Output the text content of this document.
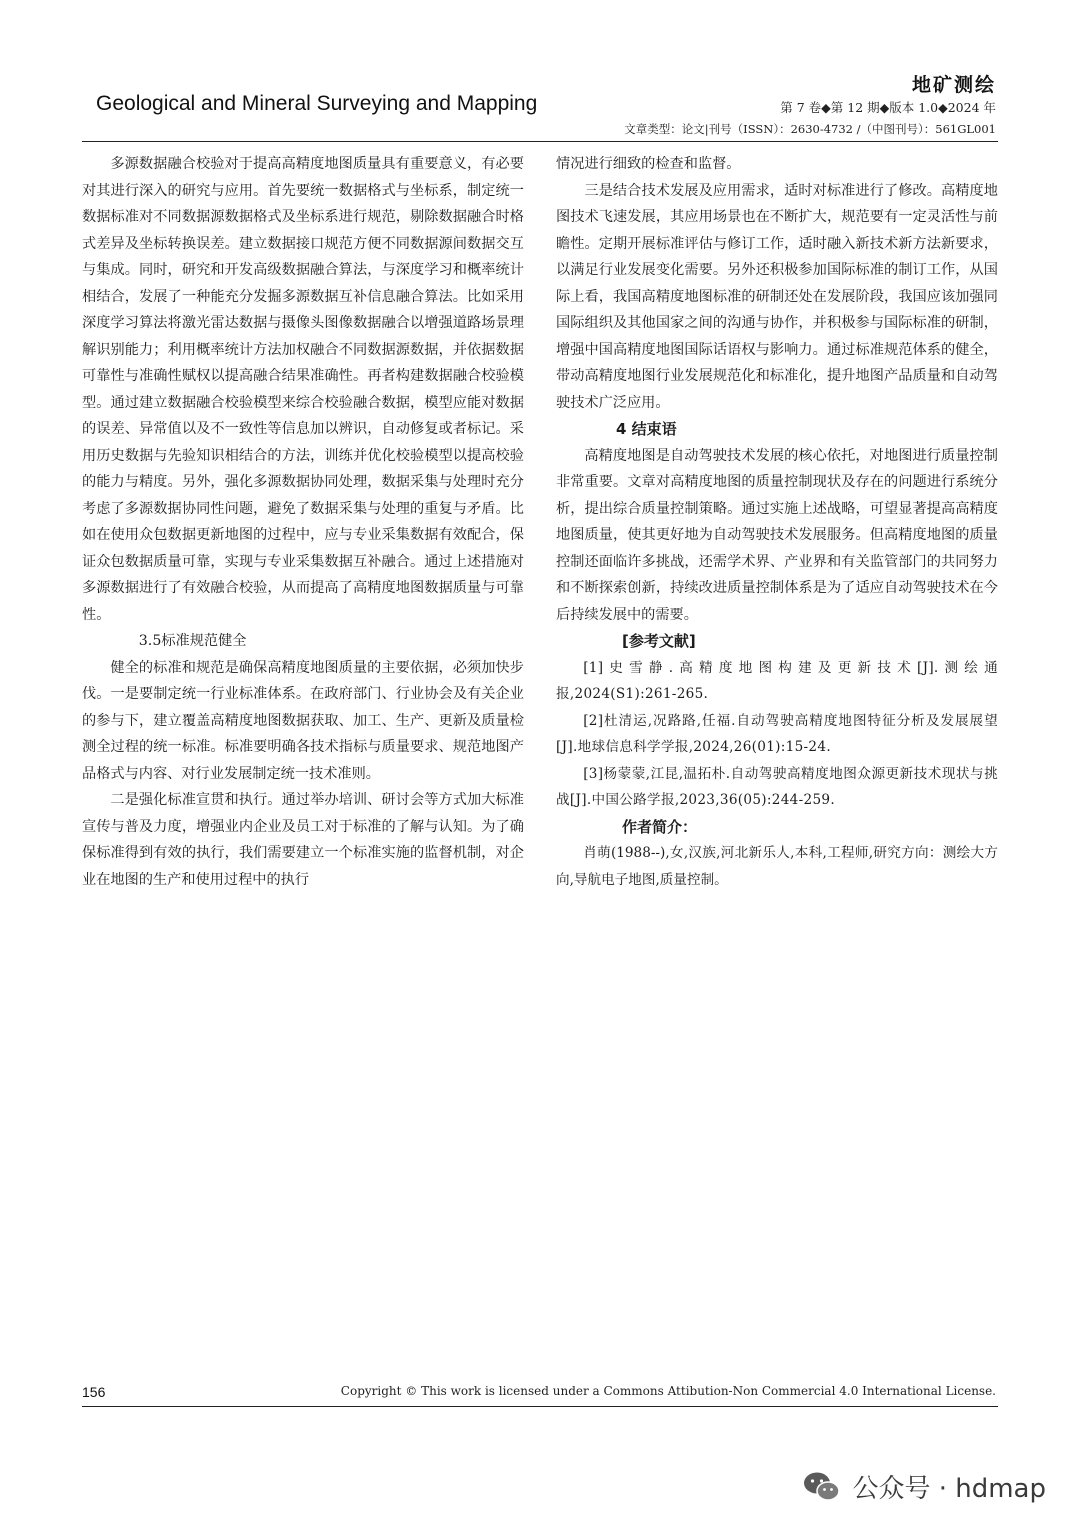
地矿测绘
Geological and Mineral Surveying and Mapping	第 7 卷◆第 12 期◆版本 1.0◆2024 年
文章类型：论文|刊号（ISSN）：2630-4732 /（中图刊号）：561GL001

多源数据融合校验对于提高高精度地图质量具有重要意义，有必要对其进行深入的研究与应用。首先要统一数据格式与坐标系，制定统一数据标准对不同数据源数据格式及坐标系进行规范，剔除数据融合时格式差异及坐标转换误差。建立数据接口规范方便不同数据源间数据交互与集成。同时，研究和开发高级数据融合算法，与深度学习和概率统计相结合，发展了一种能充分发掘多源数据互补信息融合算法。比如采用深度学习算法将激光雷达数据与摄像头图像数据融合以增强道路场景理解识别能力；利用概率统计方法加权融合不同数据源数据，并依据数据可靠性与准确性赋权以提高融合结果准确性。再者构建数据融合校验模型。通过建立数据融合校验模型来综合校验融合数据，模型应能对数据的误差、异常值以及不一致性等信息加以辨识，自动修复或者标记。采用历史数据与先验知识相结合的方法，训练并优化校验模型以提高校验的能力与精度。另外，强化多源数据协同处理，数据采集与处理时充分考虑了多源数据协同性问题，避免了数据采集与处理的重复与矛盾。比如在使用众包数据更新地图的过程中，应与专业采集数据有效配合，保证众包数据质量可靠，实现与专业采集数据互补融合。通过上述措施对多源数据进行了有效融合校验，从而提高了高精度地图数据质量与可靠性。

3.5标准规范健全

健全的标准和规范是确保高精度地图质量的主要依据，必须加快步伐。一是要制定统一行业标准体系。在政府部门、行业协会及有关企业的参与下，建立覆盖高精度地图数据获取、加工、生产、更新及质量检测全过程的统一标准。标准要明确各技术指标与质量要求、规范地图产品格式与内容、对行业发展制定统一技术准则。

二是强化标准宣贯和执行。通过举办培训、研讨会等方式加大标准宣传与普及力度，增强业内企业及员工对于标准的了解与认知。为了确保标准得到有效的执行，我们需要建立一个标准实施的监督机制，对企业在地图的生产和使用过程中的执行

情况进行细致的检查和监督。

三是结合技术发展及应用需求，适时对标准进行了修改。高精度地图技术飞速发展，其应用场景也在不断扩大，规范要有一定灵活性与前瞻性。定期开展标准评估与修订工作，适时融入新技术新方法新要求，以满足行业发展变化需要。另外还积极参加国际标准的制订工作，从国际上看，我国高精度地图标准的研制还处在发展阶段，我国应该加强同国际组织及其他国家之间的沟通与协作，并积极参与国际标准的研制，增强中国高精度地图国际话语权与影响力。通过标准规范体系的健全，带动高精度地图行业发展规范化和标准化，提升地图产品质量和自动驾驶技术广泛应用。

4 结束语

高精度地图是自动驾驶技术发展的核心依托，对地图进行质量控制非常重要。文章对高精度地图的质量控制现状及存在的问题进行系统分析，提出综合质量控制策略。通过实施上述战略，可望显著提高高精度地图质量，使其更好地为自动驾驶技术发展服务。但高精度地图的质量控制还面临许多挑战，还需学术界、产业界和有关监管部门的共同努力和不断探索创新，持续改进质量控制体系是为了适应自动驾驶技术在今后持续发展中的需要。

[参考文献]

[1]史雪静.高精度地图构建及更新技术[J].测绘通报,2024(S1):261-265.

[2]杜清运,况路路,任福.自动驾驶高精度地图特征分析及发展展望[J].地球信息科学学报,2024,26(01):15-24.

[3]杨蒙蒙,江昆,温拓朴.自动驾驶高精度地图众源更新技术现状与挑战[J].中国公路学报,2023,36(05):244-259.

作者简介：

肖萌(1988--),女,汉族,河北新乐人,本科,工程师,研究方向：测绘大方向,导航电子地图,质量控制。

156	Copyright © This work is licensed under a Commons Attibution-Non Commercial 4.0 International License.
公众号 · hdmap
